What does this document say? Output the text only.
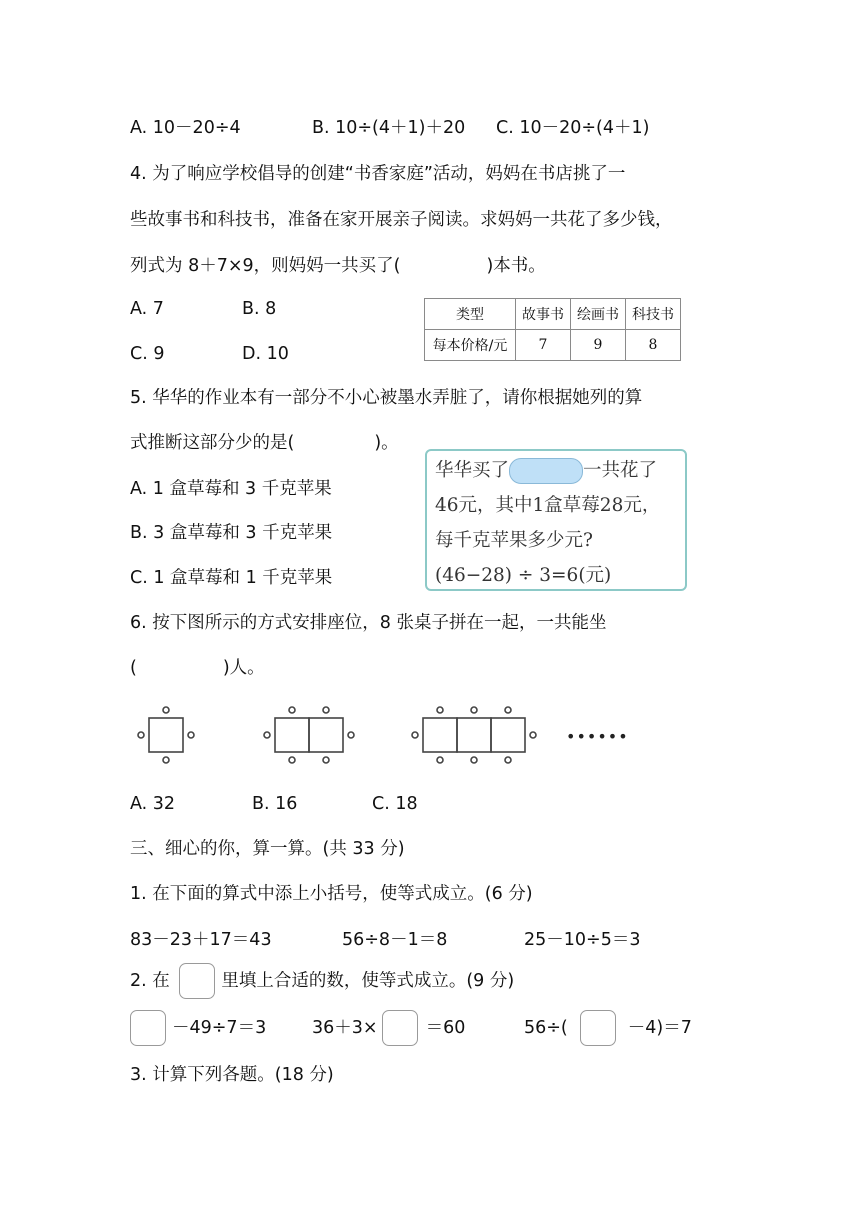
A. 10－20÷4	B. 10÷(4＋1)＋20 C. 10－20÷(4＋1)
4. 为了响应学校倡导的创建“书香家庭”活动，妈妈在书店挑了一
些故事书和科技书，准备在家开展亲子阅读。求妈妈一共花了多少钱，
列式为 8＋7×9，则妈妈一共买了(	)本书。
A. 7	B. 8
C. 9	D. 10
类型	故事书	绘画书	科技书
每本价格/元	7	9	8
5. 华华的作业本有一部分不小心被墨水弄脏了，请你根据她列的算
式推断这部分少的是(	)。
A. 1 盒草莓和 3 千克苹果
B. 3 盒草莓和 3 千克苹果
C. 1 盒草莓和 1 千克苹果
华华买了	一共花了
46元，其中1盒草莓28元，
每千克苹果多少元?
(46−28) ÷ 3=6(元)
6. 按下图所示的方式安排座位，8 张桌子拼在一起，一共能坐
(	)人。
••••••
A. 32	B. 16	C. 18
三、细心的你，算一算。(共 33 分)
1. 在下面的算式中添上小括号，使等式成立。(6 分)
83－23＋17＝43	56÷8－1＝8	25－10÷5＝3
2. 在	里填上合适的数，使等式成立。(9 分)
－49÷7＝3	36＋3×	＝60	56÷(	－4)＝7
3. 计算下列各题。(18 分)
